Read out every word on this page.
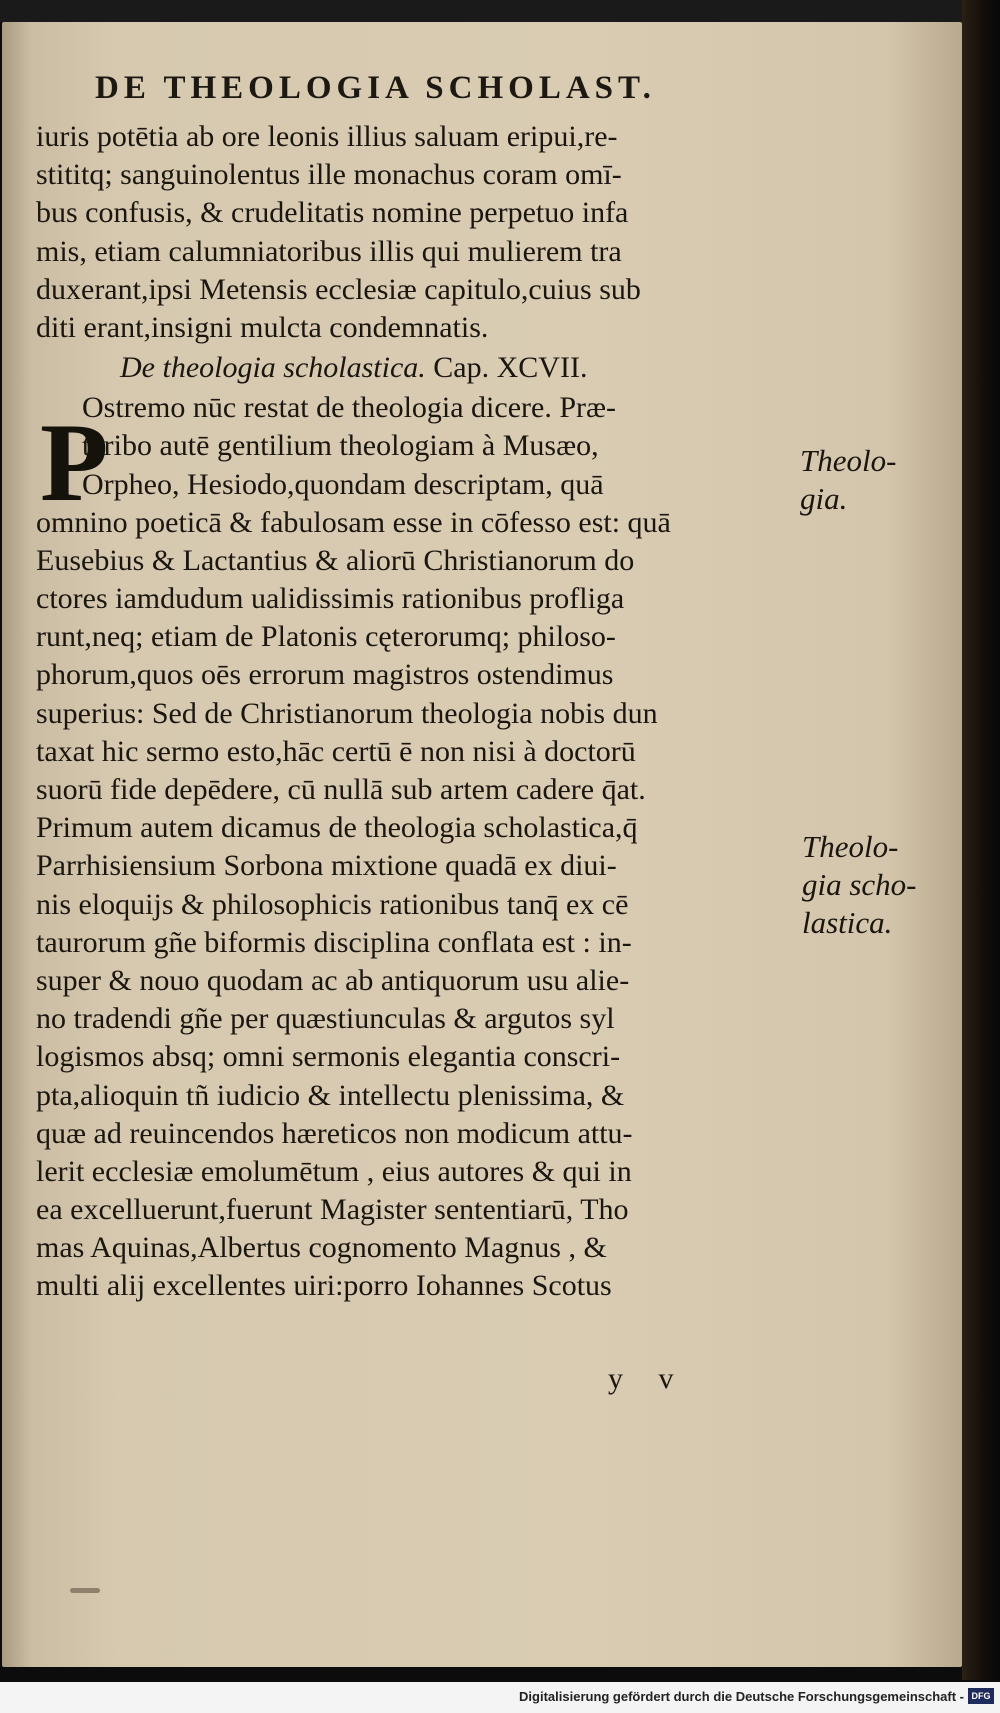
DE THEOLOGIA SCHOLAST.
iuris potētia ab ore leonis illius saluam eripui,re-
stititq; sanguinolentus ille monachus coram omī-
bus confusis, & crudelitatis nomine perpetuo infa
mis, etiam calumniatoribus illis qui mulierem tra
duxerant,ipsi Metensis ecclesiæ capitulo,cuius sub
diti erant,insigni mulcta condemnatis.
De theologia scholastica. Cap. XCVII.
Ostremo nūc restat de theologia dicere. Præ-
teribo autē gentilium theologiam à Musæo,
Orpheo, Hesiodo,quondam descriptam, quā
omnino poeticā & fabulosam esse in cōfesso est: quā
Eusebius & Lactantius & aliorū Christianorum do
ctores iamdudum ualidissimis rationibus profliga
runt,neq; etiam de Platonis cęterorumq; philoso-
phorum,quos oēs errorum magistros ostendimus
superius: Sed de Christianorum theologia nobis dun
taxat hic sermo esto,hāc certū ē non nisi à doctorū
suorū fide depēdere, cū nullā sub artem cadere q̄at.
Primum autem dicamus de theologia scholastica,q̄
Parrhisiensium Sorbona mixtione quadā ex diui-
nis eloquijs & philosophicis rationibus tanq̄ ex cē
taurorum gñe biformis disciplina conflata est : in-
super & nouo quodam ac ab antiquorum usu alie-
no tradendi gñe per quæstiunculas & argutos syl
logismos absq; omni sermonis elegantia conscri-
pta,alioquin tñ iudicio & intellectu plenissima, &
quæ ad reuincendos hæreticos non modicum attu-
lerit ecclesiæ emolumētum , eius autores & qui in
ea excelluerunt,fuerunt Magister sententiarū, Tho
mas Aquinas,Albertus cognomento Magnus , &
multi alij excellentes uiri:porro Iohannes Scotus
P	Theolo-
gia.
Theolo-
gia scho-
lastica.
y v
Digitalisierung gefördert durch die Deutsche Forschungsgemeinschaft - DFG
